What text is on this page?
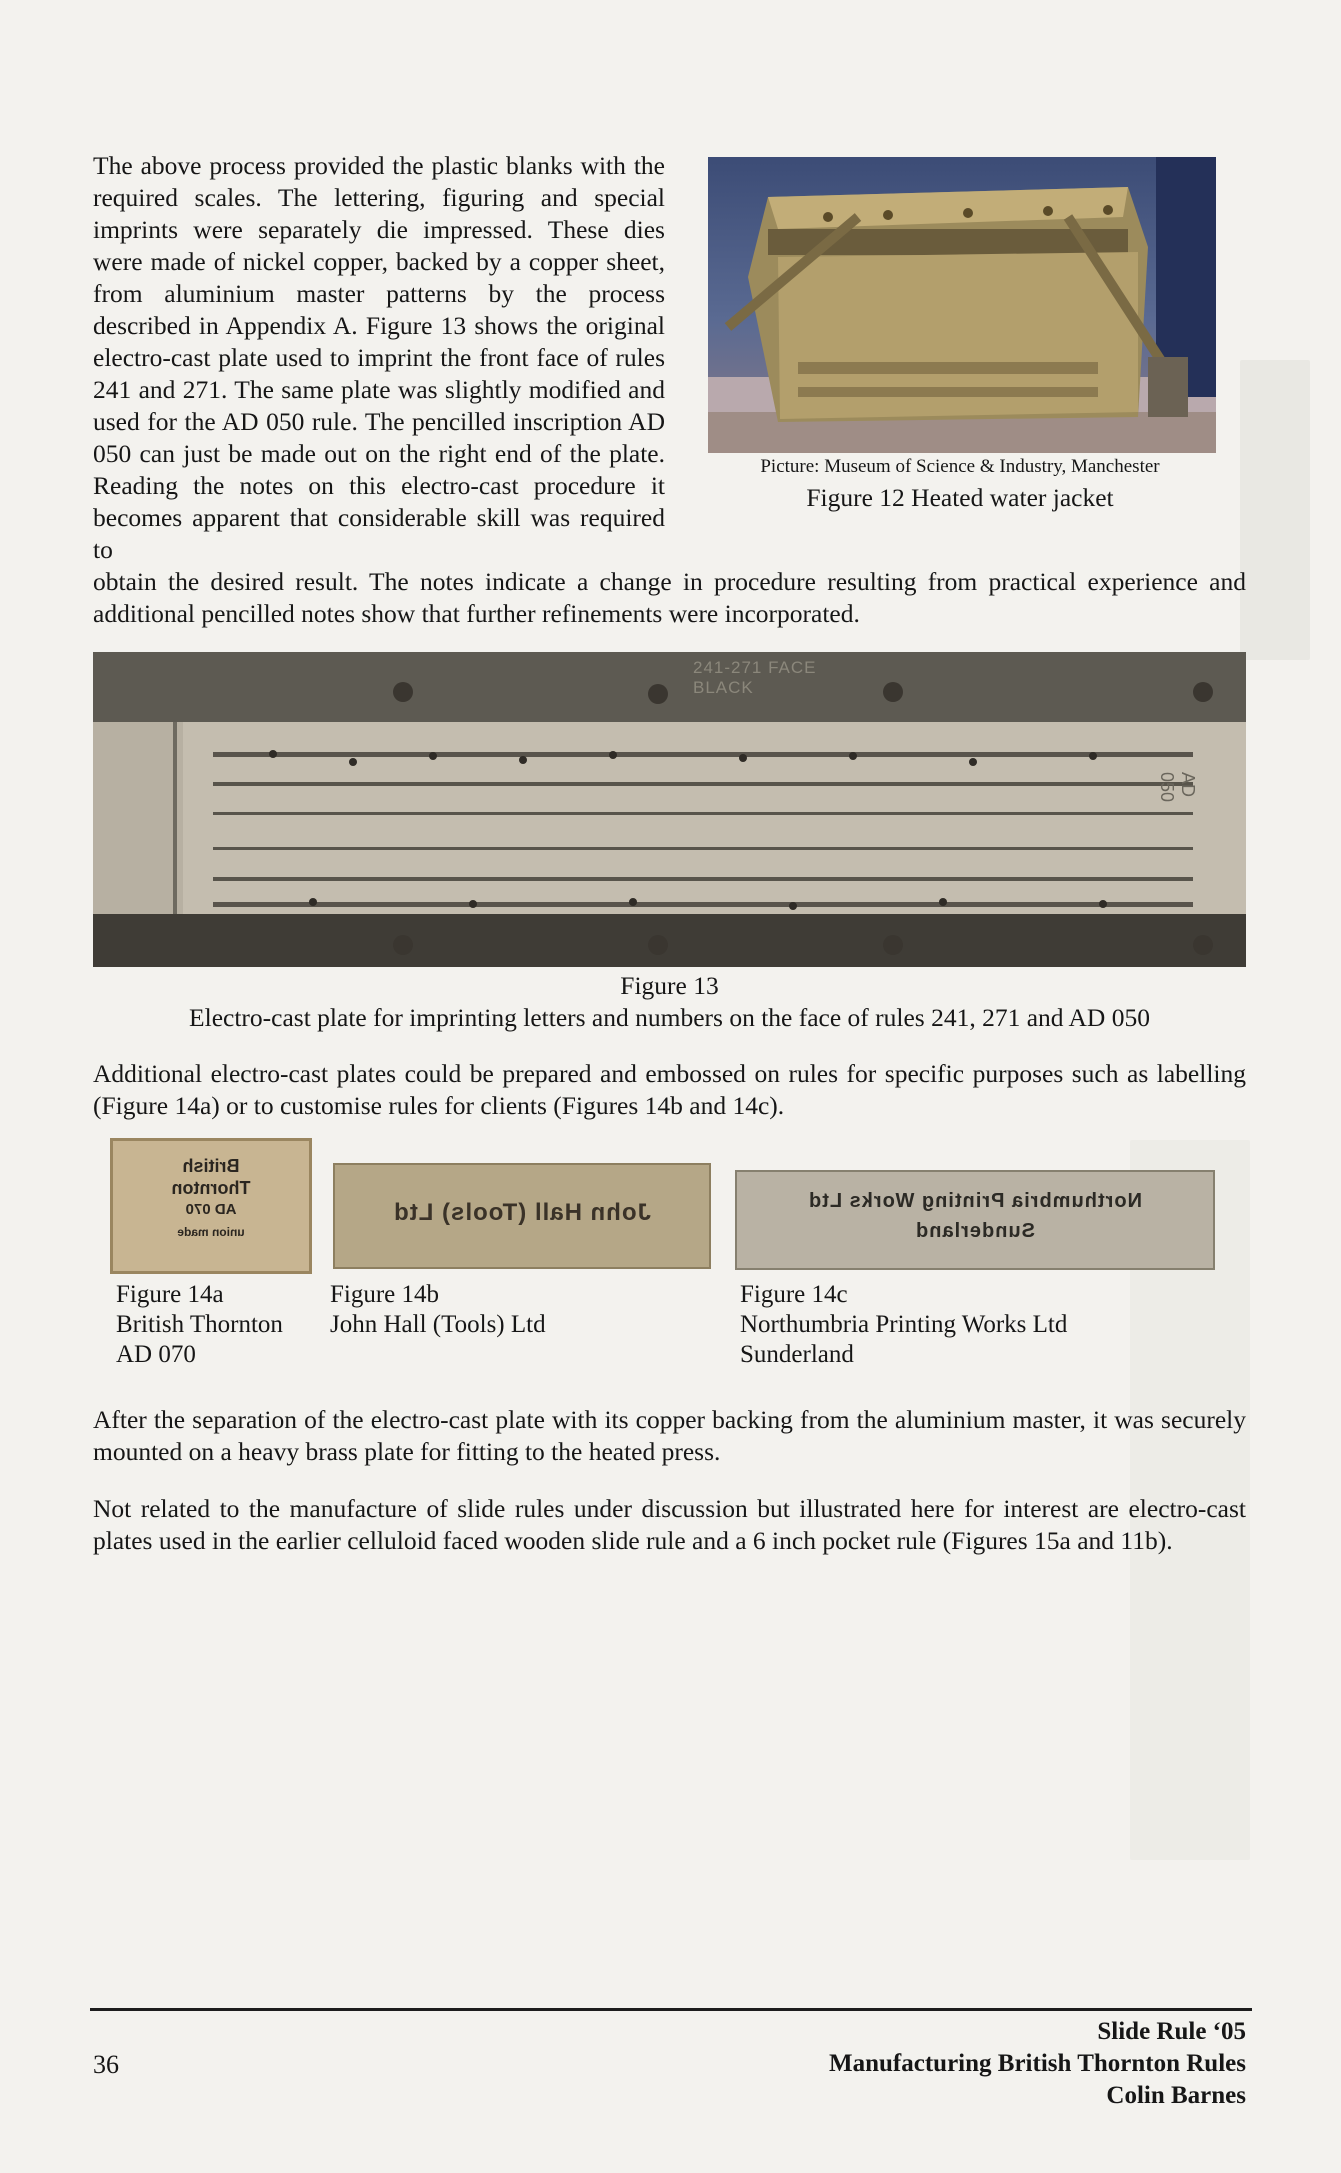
The above process provided the plastic blanks with the required scales. The lettering, figuring and special imprints were separately die impressed. These dies were made of nickel copper, backed by a copper sheet, from aluminium master patterns by the process described in Appendix A. Figure 13 shows the original electro-cast plate used to imprint the front face of rules 241 and 271. The same plate was slightly modified and used for the AD 050 rule. The pencilled inscription AD 050 can just be made out on the right end of the plate. Reading the notes on this electro-cast procedure it becomes apparent that considerable skill was required to

Picture: Museum of Science & Industry, Manchester

Figure 12 Heated water jacket

obtain the desired result. The notes indicate a change in procedure resulting from practical experience and additional pencilled notes show that further refinements were incorporated.

241-271 FACE BLACK
AD 050

Figure 13

Electro-cast plate for imprinting letters and numbers on the face of rules 241, 271 and AD 050

Additional electro-cast plates could be prepared and embossed on rules for specific purposes such as labelling (Figure 14a) or to customise rules for clients (Figures 14b and 14c).

British
Thornton
AD 070
union made
John Hall (Tools) Ltd	Northumbria Printing Works Ltd
Sunderland
Figure 14a
British Thornton
AD 070
Figure 14b
John Hall (Tools) Ltd
Figure 14c
Northumbria Printing Works Ltd
Sunderland

After the separation of the electro-cast plate with its copper backing from the aluminium master, it was securely mounted on a heavy brass plate for fitting to the heated press.

Not related to the manufacture of slide rules under discussion but illustrated here for interest are electro-cast plates used in the earlier celluloid faced wooden slide rule and a 6 inch pocket rule (Figures 15a and 11b).

36

Slide Rule ‘05
Manufacturing British Thornton Rules
Colin Barnes
